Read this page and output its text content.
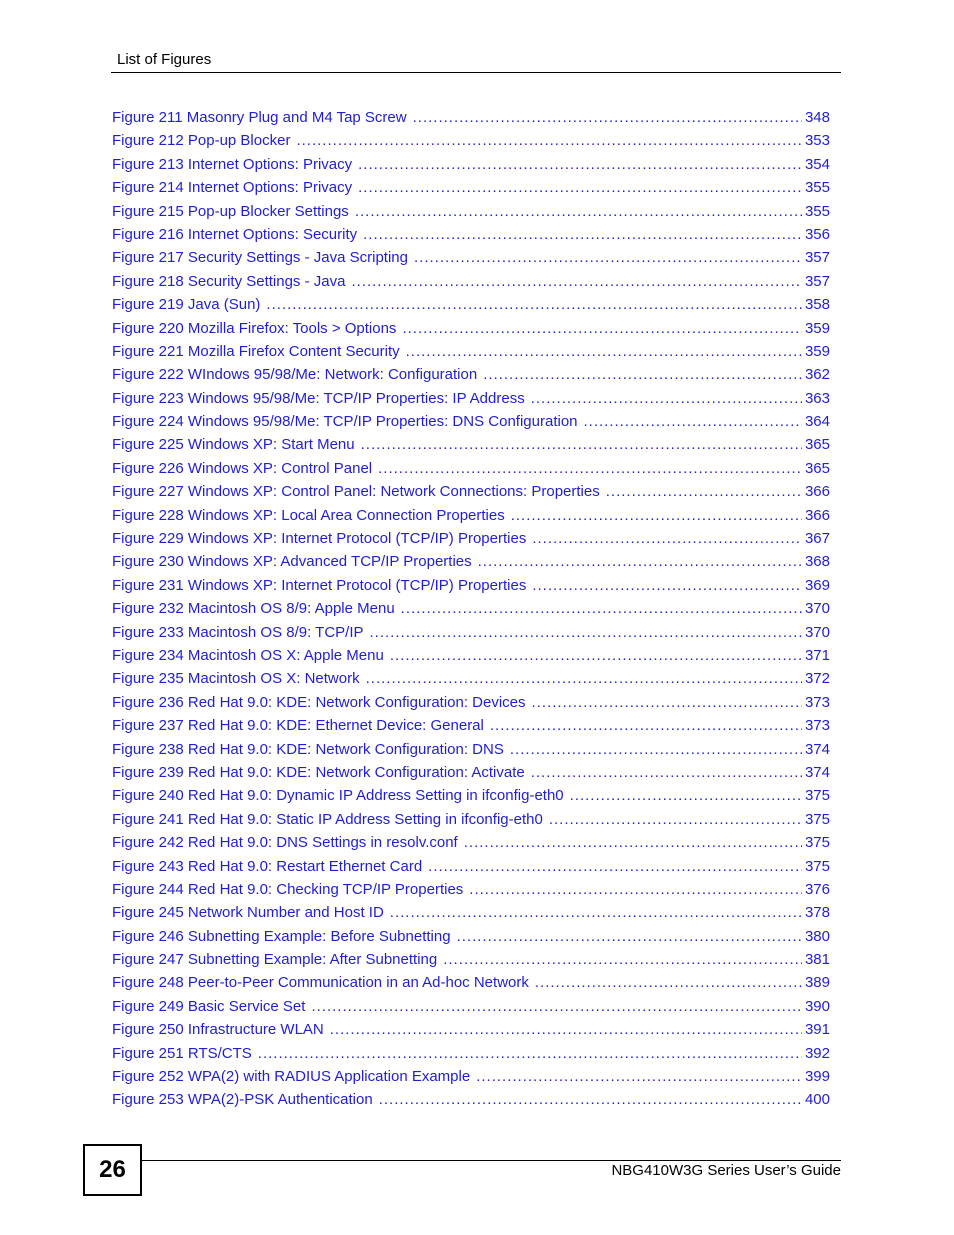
List of Figures
Figure 211 Masonry Plug and M4 Tap Screw .....	348
Figure 212 Pop-up Blocker .....	353
Figure 213 Internet Options: Privacy .....	354
Figure 214 Internet Options: Privacy .....	355
Figure 215 Pop-up Blocker Settings .....	355
Figure 216 Internet Options: Security .....	356
Figure 217 Security Settings - Java Scripting .....	357
Figure 218 Security Settings - Java .....	357
Figure 219 Java (Sun) .....	358
Figure 220 Mozilla Firefox: Tools > Options .....	359
Figure 221 Mozilla Firefox Content Security .....	359
Figure 222 WIndows 95/98/Me: Network: Configuration .....	362
Figure 223 Windows 95/98/Me: TCP/IP Properties: IP Address .....	363
Figure 224 Windows 95/98/Me: TCP/IP Properties: DNS Configuration .....	364
Figure 225 Windows XP: Start Menu .....	365
Figure 226 Windows XP: Control Panel .....	365
Figure 227 Windows XP: Control Panel: Network Connections: Properties .....	366
Figure 228 Windows XP: Local Area Connection Properties .....	366
Figure 229 Windows XP: Internet Protocol (TCP/IP) Properties .....	367
Figure 230 Windows XP: Advanced TCP/IP Properties .....	368
Figure 231 Windows XP: Internet Protocol (TCP/IP) Properties .....	369
Figure 232 Macintosh OS 8/9: Apple Menu .....	370
Figure 233 Macintosh OS 8/9: TCP/IP .....	370
Figure 234 Macintosh OS X: Apple Menu .....	371
Figure 235 Macintosh OS X: Network .....	372
Figure 236 Red Hat 9.0: KDE: Network Configuration: Devices .....	373
Figure 237 Red Hat 9.0: KDE: Ethernet Device: General .....	373
Figure 238 Red Hat 9.0: KDE: Network Configuration: DNS .....	374
Figure 239 Red Hat 9.0: KDE: Network Configuration: Activate .....	374
Figure 240 Red Hat 9.0: Dynamic IP Address Setting in ifconfig-eth0 .....	375
Figure 241 Red Hat 9.0: Static IP Address Setting in ifconfig-eth0 .....	375
Figure 242 Red Hat 9.0: DNS Settings in resolv.conf .....	375
Figure 243 Red Hat 9.0: Restart Ethernet Card .....	375
Figure 244 Red Hat 9.0: Checking TCP/IP Properties .....	376
Figure 245 Network Number and Host ID .....	378
Figure 246 Subnetting Example: Before Subnetting .....	380
Figure 247 Subnetting Example: After Subnetting .....	381
Figure 248 Peer-to-Peer Communication in an Ad-hoc Network .....	389
Figure 249 Basic Service Set .....	390
Figure 250 Infrastructure WLAN .....	391
Figure 251 RTS/CTS .....	392
Figure 252 WPA(2) with RADIUS Application Example .....	399
Figure 253 WPA(2)-PSK Authentication .....	400
26	NBG410W3G Series User’s Guide
